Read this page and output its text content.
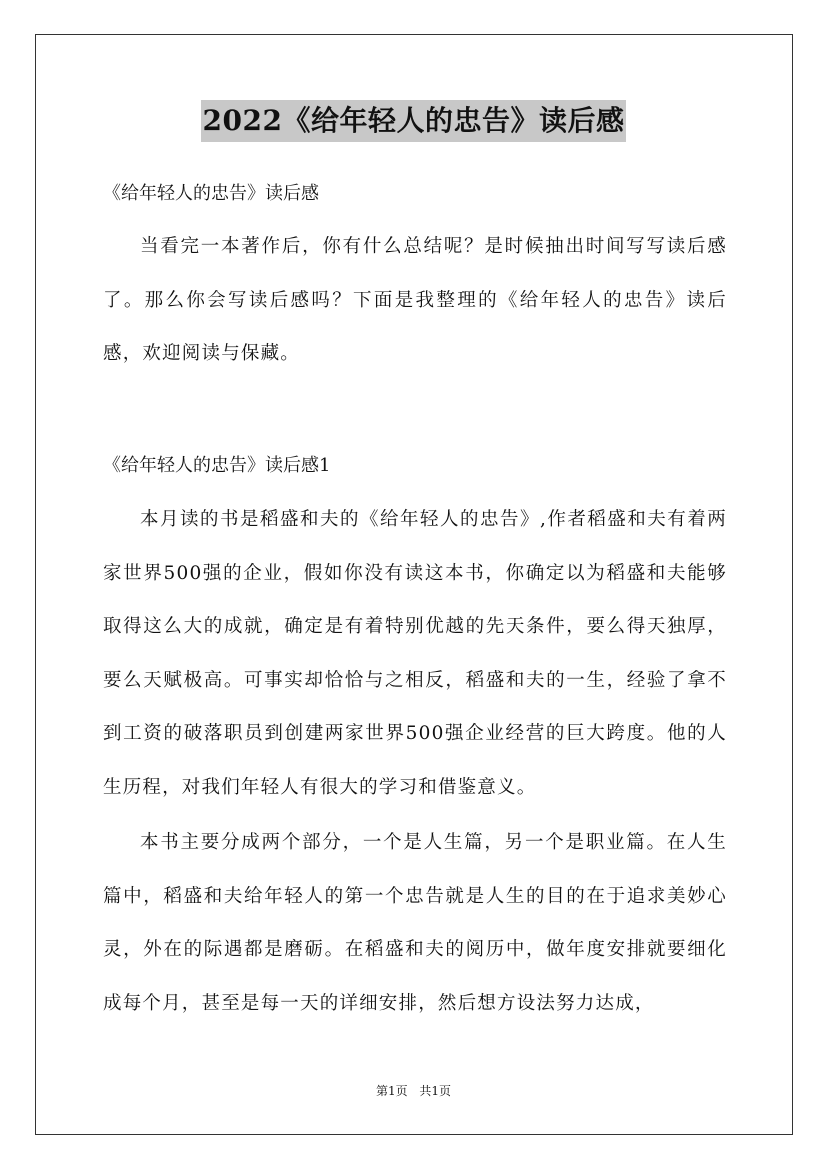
2022《给年轻人的忠告》读后感

《给年轻人的忠告》读后感

当看完一本著作后，你有什么总结呢？是时候抽出时间写写读后感了。那么你会写读后感吗？下面是我整理的《给年轻人的忠告》读后感，欢迎阅读与保藏。

《给年轻人的忠告》读后感1

本月读的书是稻盛和夫的《给年轻人的忠告》,作者稻盛和夫有着两家世界500强的企业，假如你没有读这本书，你确定以为稻盛和夫能够取得这么大的成就，确定是有着特别优越的先天条件，要么得天独厚，要么天赋极高。可事实却恰恰与之相反，稻盛和夫的一生，经验了拿不到工资的破落职员到创建两家世界500强企业经营的巨大跨度。他的人生历程，对我们年轻人有很大的学习和借鉴意义。

本书主要分成两个部分，一个是人生篇，另一个是职业篇。在人生篇中，稻盛和夫给年轻人的第一个忠告就是人生的目的在于追求美妙心灵，外在的际遇都是磨砺。在稻盛和夫的阅历中，做年度安排就要细化成每个月，甚至是每一天的详细安排，然后想方设法努力达成，

第1页 共1页
